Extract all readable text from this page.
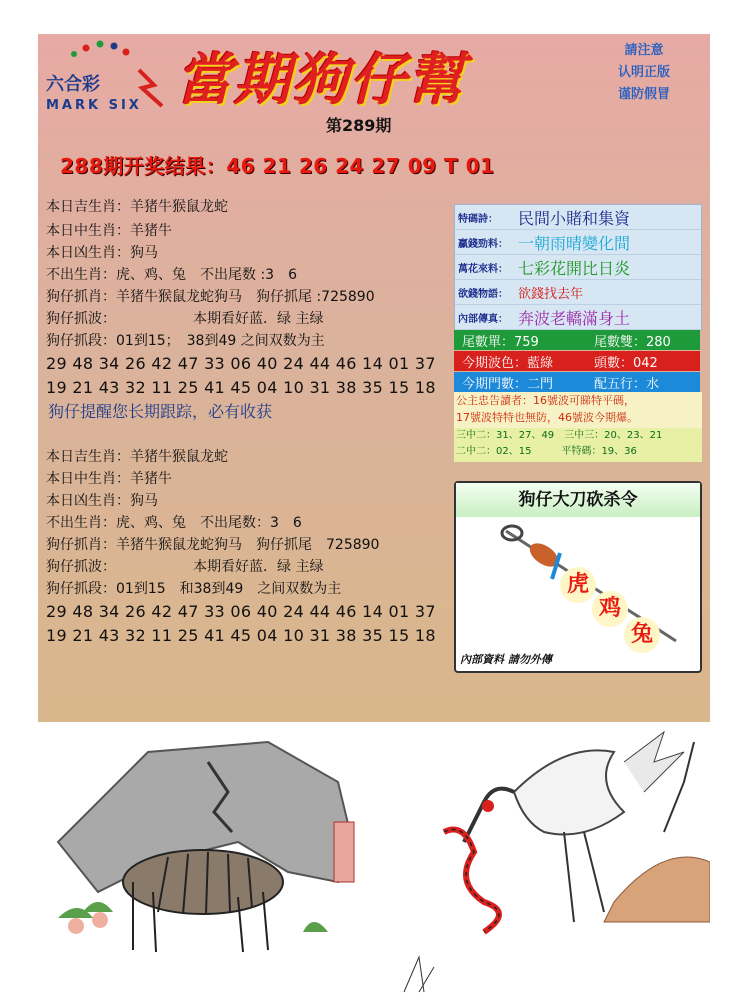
六合彩
MARK SIX 當期狗仔幫	請注意
认明正版
谨防假冒
第289期
288期开奖结果：46 21 26 24 27 09 T 01
本日吉生肖：羊猪牛猴鼠龙蛇
本日中生肖：羊猪牛
本日凶生肖：狗马
不出生肖：虎、鸡、兔　不出尾数 :3　6
狗仔抓肖：羊猪牛猴鼠龙蛇狗马　狗仔抓尾 :725890
狗仔抓波：　　　　　　本期看好蓝．绿 主绿
狗仔抓段：01到15；　38到49 之间双数为主
29 48 34 26 42 47 33 06 40 24 44 46 14 01 37
19 21 43 32 11 25 41 45 04 10 31 38 35 15 18
狗仔提醒您长期跟踪，必有收获
本日吉生肖：羊猪牛猴鼠龙蛇
本日中生肖：羊猪牛
本日凶生肖：狗马
不出生肖：虎、鸡、兔　不出尾数：3　6
狗仔抓肖：羊猪牛猴鼠龙蛇狗马　狗仔抓尾　725890
狗仔抓波：　　　　　　本期看好蓝．绿 主绿
狗仔抓段：01到15　和38到49　之间双数为主
29 48 34 26 42 47 33 06 40 24 44 46 14 01 37
19 21 43 32 11 25 41 45 04 10 31 38 35 15 18
特碼詩：	民間小賭和集資
贏錢勁料： 一朝雨晴變化間
萬花來料： 七彩花開比日炎
欲錢物語： 欲錢找去年
內部傳真： 奔波老轎滿身土
尾數單：759	尾數雙：280
今期波色：藍綠	頭數：042
今期門數：二門	配五行：水
公主忠告讀者：16號波可睇特平碼，
17號波特特也無防，46號波今期爆。
三中二：31、27、49　三中三：20、23、21
二中二：02、15　　　平特碼：19、36
狗仔大刀砍杀令
虎
鸡
兔
內部資料 請勿外傳
